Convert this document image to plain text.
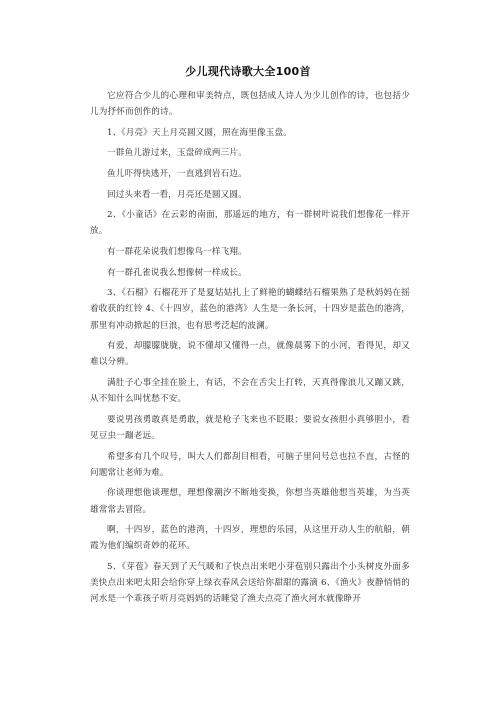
少儿现代诗歌大全100首

它应符合少儿的心理和审美特点，既包括成人诗人为少儿创作的诗，也包括少儿为抒怀而创作的诗。

1、《月亮》天上月亮圆又圆，照在海里像玉盘。

一群鱼儿游过来，玉盘碎成两三片。

鱼儿吓得快逃开，一直逃到岩石边。

回过头来看一看，月亮还是圆又圆。

2、《小童话》在云彩的南面，那遥远的地方，有一群树叶说我们想像花一样开放。

有一群花朵说我们想像鸟一样飞翔。

有一群孔雀说我么想像树一样成长。

3、《石榴》石榴花开了是夏姑姑扎上了鲜艳的蝴蝶结石榴果熟了是秋妈妈在摇着收获的红铃 4、《十四岁，蓝色的港湾》人生是一条长河，十四岁是蓝色的港湾，那里有冲动掀起的巨浪，也有思考泛起的波澜。

有爱，却朦朦胧胧，说不懂却又懂得一点，就像晨雾下的小河，看得见，却又难以分辨。

满肚子心事全挂在脸上，有话，不会在舌尖上打转，天真得像浪儿又蹦又跳，从不知什么叫忧愁不安。

要说男孩勇敢真是勇敢，就是枪子飞来也不眨眼；要说女孩胆小真够胆小，看见豆虫一蹦老远。

希望多有几个叹号，叫大人们都刮目相看，可脑子里问号总也拉不直，古怪的问题常让老师为难。

你谈理想他谈理想，理想像潮汐不断地变换，你想当英雄他想当英雄，为当英雄常常去冒险。

啊，十四岁，蓝色的港湾，十四岁，理想的乐园，从这里开动人生的航船，朝霞为他们编织奇妙的花环。

5、《芽苞》春天到了天气暖和了快点出来吧小芽苞别只露出个小头树皮外面多美快点出来吧太阳会给你穿上绿衣春风会送给你甜甜的露滴 6、《渔火》夜静悄悄的河水是一个乖孩子听月亮妈妈的话睡觉了渔夫点亮了渔火河水就像睁开
